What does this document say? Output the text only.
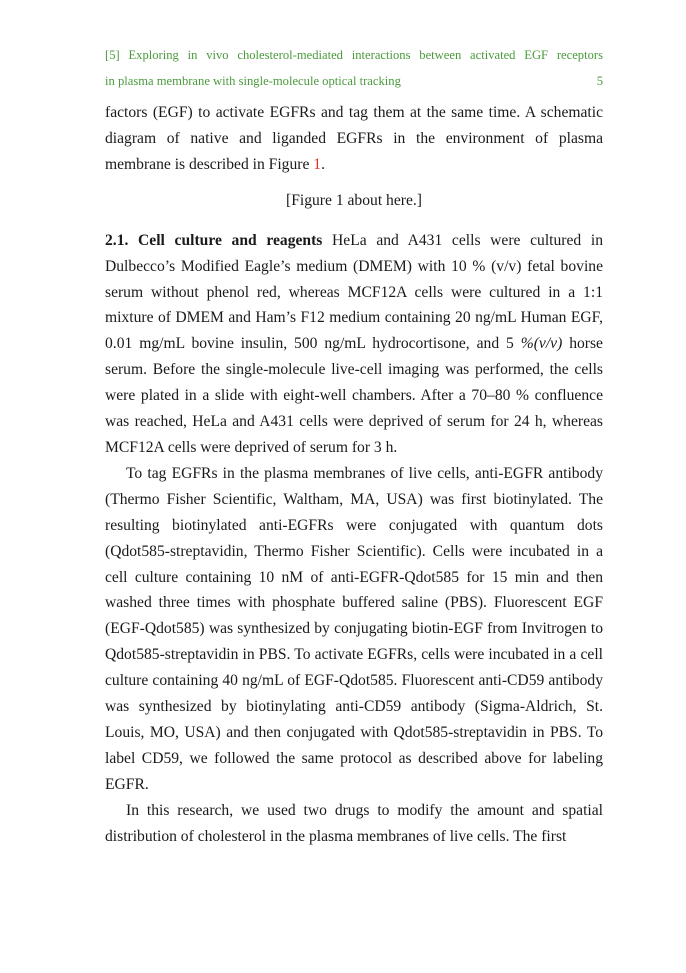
[5] Exploring in vivo cholesterol-mediated interactions between activated EGF receptors
in plasma membrane with single-molecule optical tracking	5

factors (EGF) to activate EGFRs and tag them at the same time. A schematic diagram of native and liganded EGFRs in the environment of plasma membrane is described in Figure 1.

[Figure 1 about here.]

2.1. Cell culture and reagents HeLa and A431 cells were cultured in Dulbecco’s Modified Eagle’s medium (DMEM) with 10 % (v/v) fetal bovine serum without phenol red, whereas MCF12A cells were cultured in a 1:1 mixture of DMEM and Ham’s F12 medium containing 20 ng/mL Human EGF, 0.01 mg/mL bovine insulin, 500 ng/mL hydrocortisone, and 5 %(v/v) horse serum. Before the single-molecule live-cell imaging was performed, the cells were plated in a slide with eight-well chambers. After a 70–80 % confluence was reached, HeLa and A431 cells were deprived of serum for 24 h, whereas MCF12A cells were deprived of serum for 3 h.

To tag EGFRs in the plasma membranes of live cells, anti-EGFR antibody (Thermo Fisher Scientific, Waltham, MA, USA) was first biotinylated. The resulting biotinylated anti-EGFRs were conjugated with quantum dots (Qdot585-streptavidin, Thermo Fisher Scientific). Cells were incubated in a cell culture containing 10 nM of anti-EGFR-Qdot585 for 15 min and then washed three times with phosphate buffered saline (PBS). Fluorescent EGF (EGF-Qdot585) was synthesized by conjugating biotin-EGF from Invitrogen to Qdot585-streptavidin in PBS. To activate EGFRs, cells were incubated in a cell culture containing 40 ng/mL of EGF-Qdot585. Fluorescent anti-CD59 antibody was synthesized by biotinylating anti-CD59 antibody (Sigma-Aldrich, St. Louis, MO, USA) and then conjugated with Qdot585-streptavidin in PBS. To label CD59, we followed the same protocol as described above for labeling EGFR.

In this research, we used two drugs to modify the amount and spatial distribution of cholesterol in the plasma membranes of live cells. The first
